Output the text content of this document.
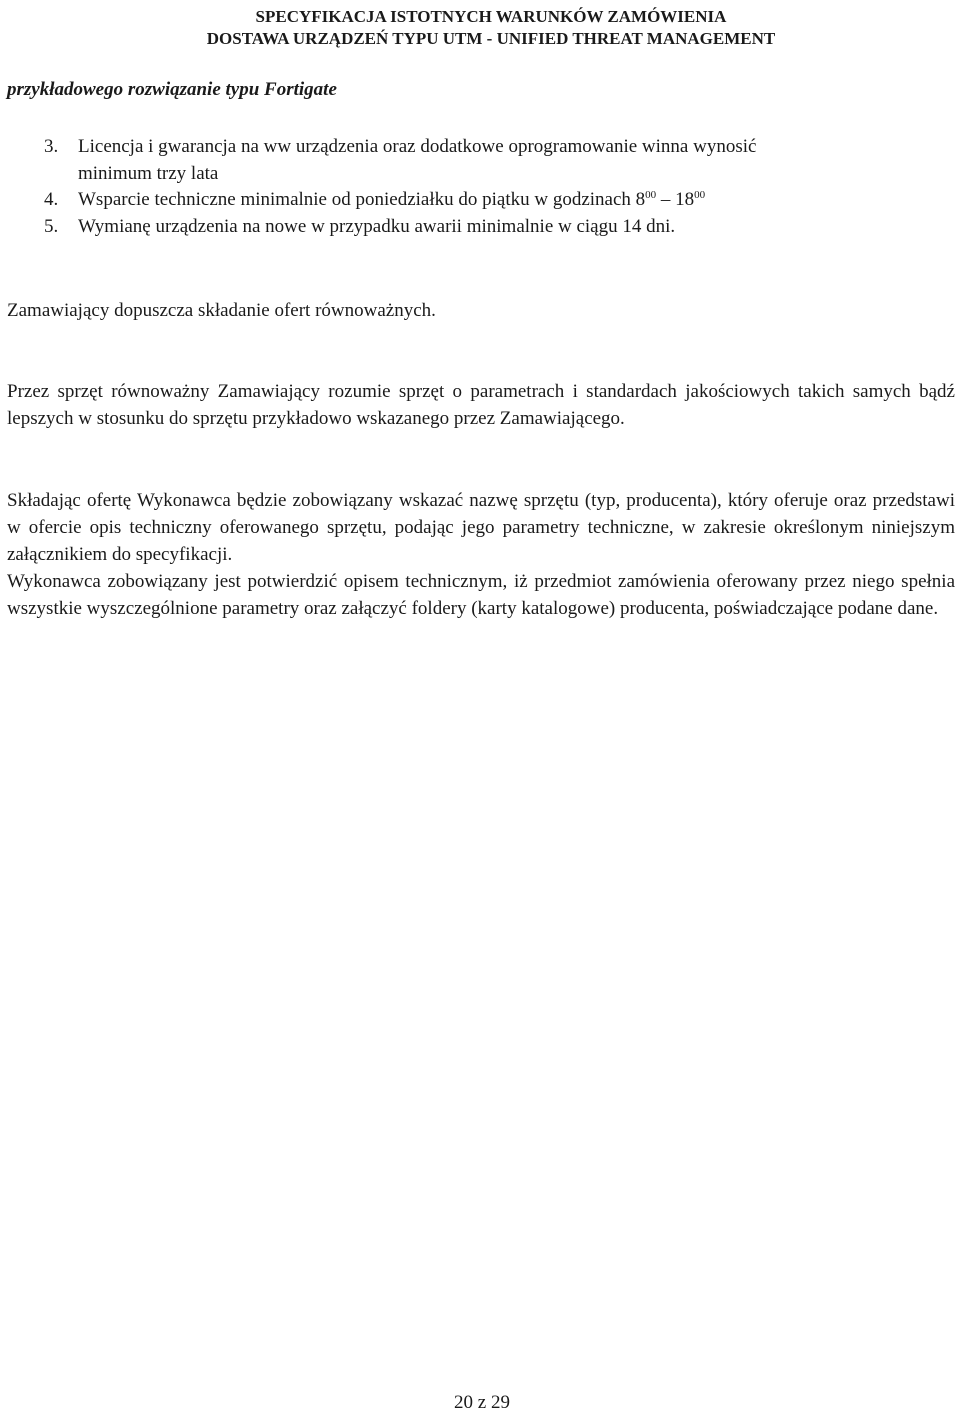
SPECYFIKACJA ISTOTNYCH WARUNKÓW ZAMÓWIENIA
DOSTAWA URZĄDZEŃ TYPU UTM - UNIFIED THREAT MANAGEMENT
przykładowego rozwiązanie typu Fortigate
3.	Licencja i gwarancja na ww urządzenia oraz dodatkowe oprogramowanie winna wynosić
minimum trzy lata
4.	Wsparcie techniczne minimalnie od poniedziałku do piątku w godzinach $8^{00} - 18^{00}$
5.	Wymianę urządzenia na nowe w przypadku awarii minimalnie w ciągu 14 dni.

Zamawiający dopuszcza składanie ofert równoważnych.

Przez sprzęt równoważny Zamawiający rozumie sprzęt o parametrach i standardach jakościowych takich samych bądź lepszych w stosunku do sprzętu przykładowo wskazanego przez Zamawiającego.

Składając ofertę Wykonawca będzie zobowiązany wskazać nazwę sprzętu (typ, producenta), który oferuje oraz przedstawi w ofercie opis techniczny oferowanego sprzętu, podając jego parametry techniczne, w zakresie określonym niniejszym załącznikiem do specyfikacji.
Wykonawca zobowiązany jest potwierdzić opisem technicznym, iż przedmiot zamówienia oferowany przez niego spełnia wszystkie wyszczególnione parametry oraz załączyć foldery (karty katalogowe) producenta, poświadczające podane dane.
20 z 29
